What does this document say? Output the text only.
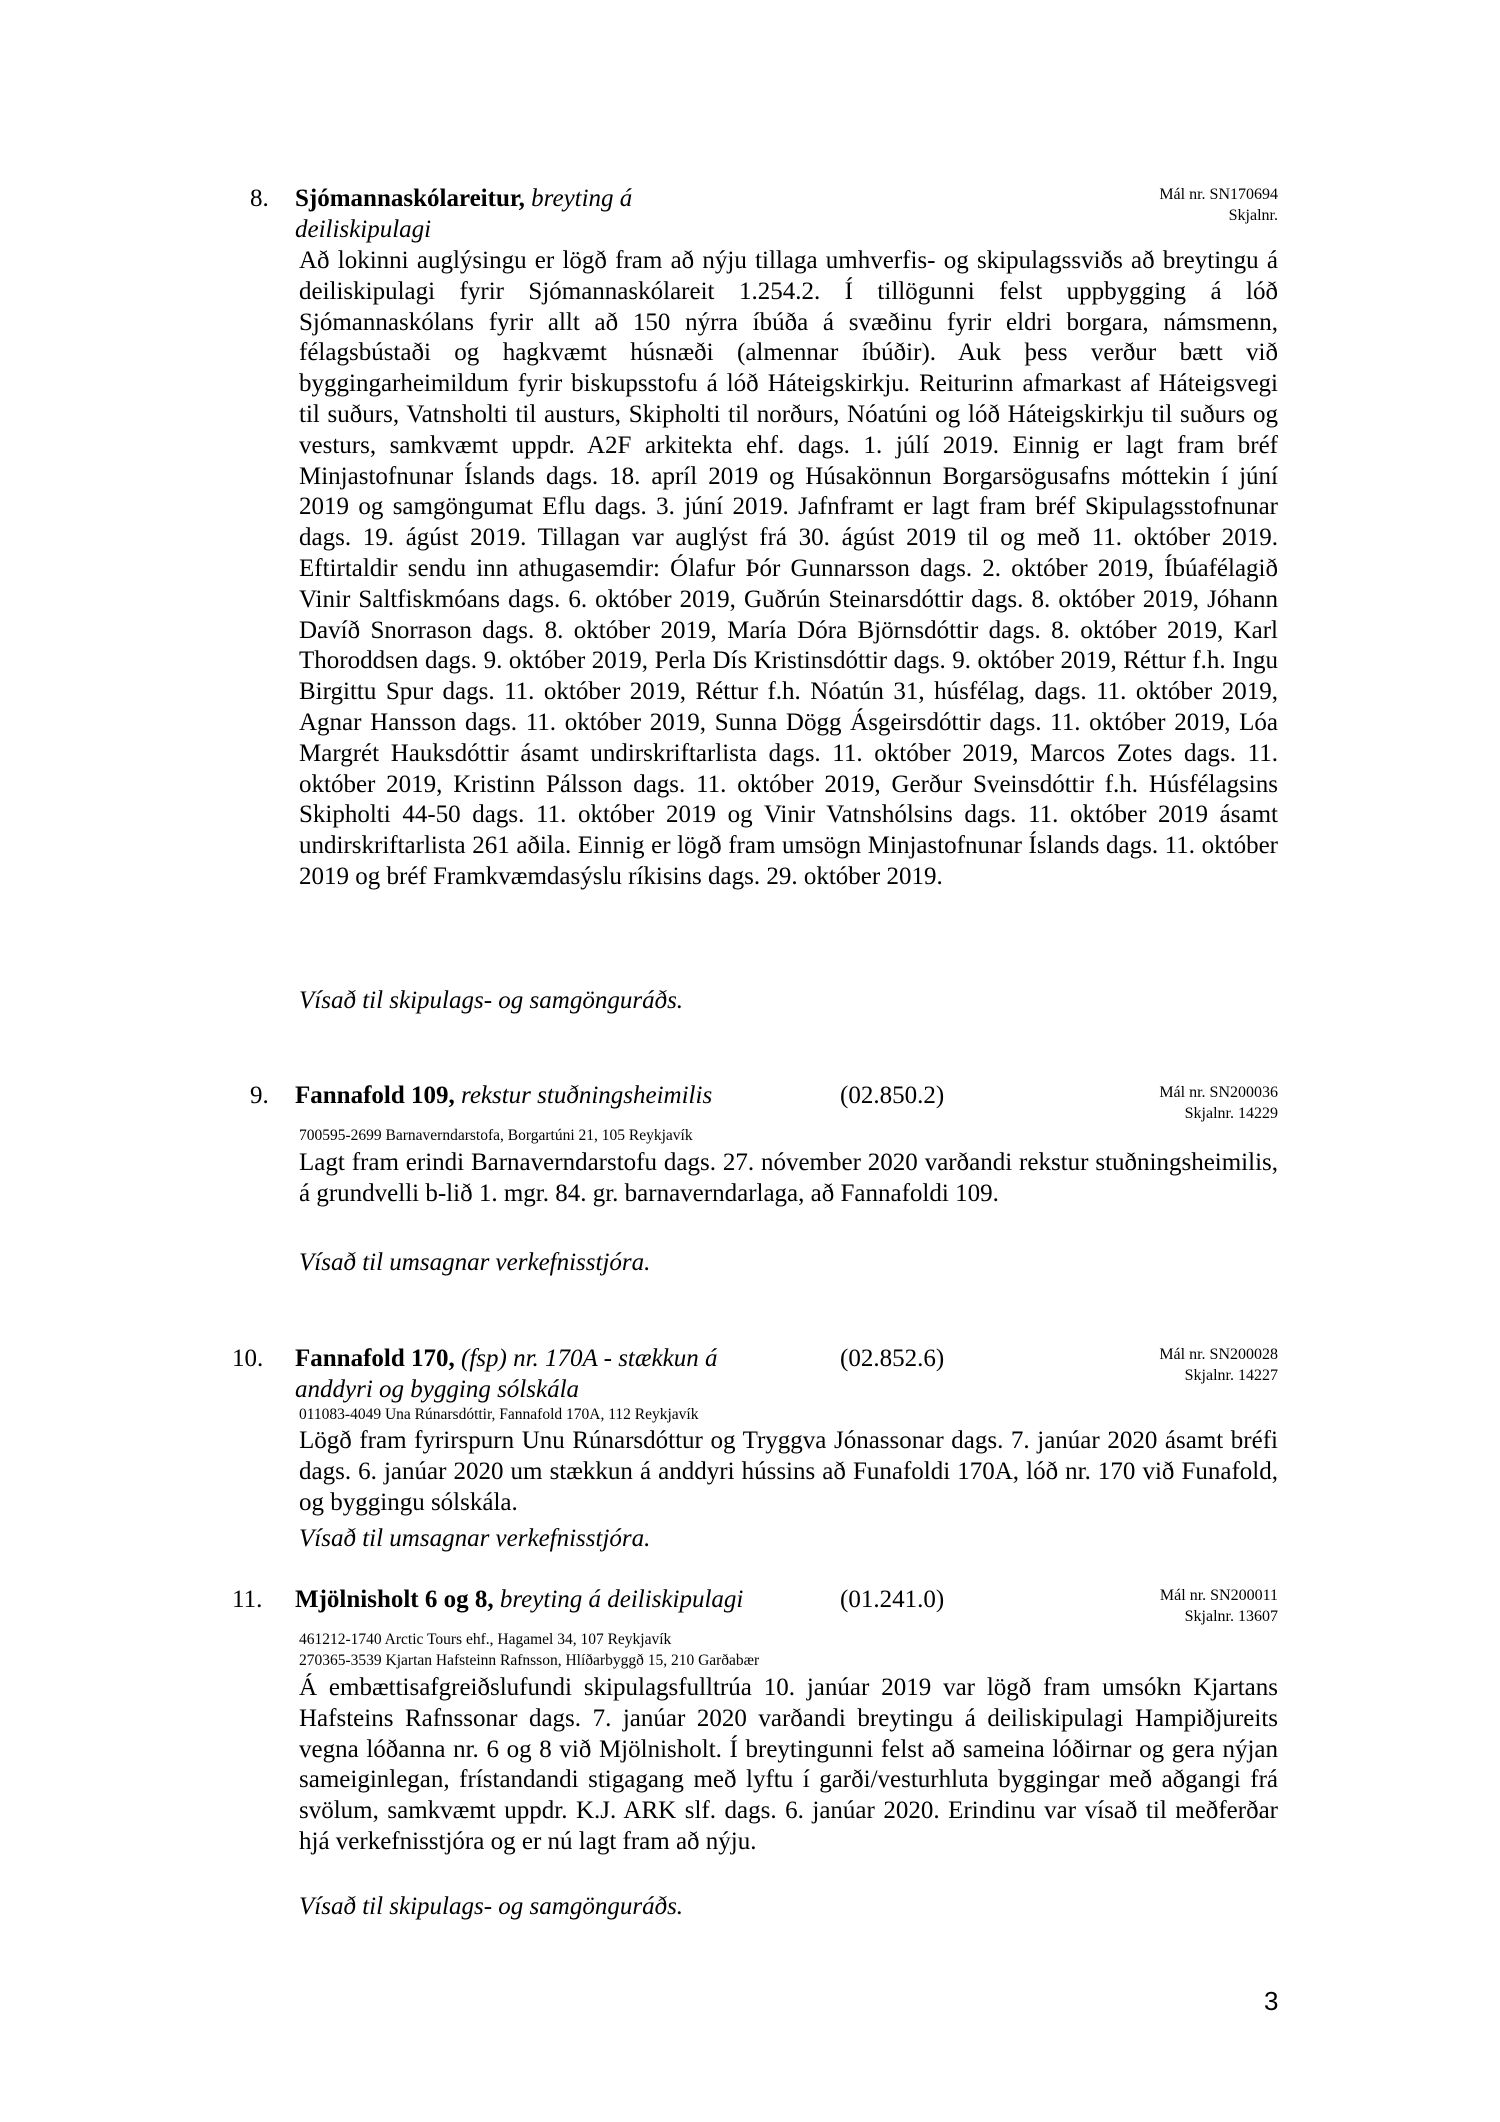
8. Sjómannaskólareitur, breyting á deiliskipulagi
Mál nr. SN170694
Skjalnr.
Að lokinni auglýsingu er lögð fram að nýju tillaga umhverfis- og skipulagssviðs að breytingu á deiliskipulagi fyrir Sjómannaskólareit 1.254.2. Í tillögunni felst uppbygging á lóð Sjómannaskólans fyrir allt að 150 nýrra íbúða á svæðinu fyrir eldri borgara, námsmenn, félagsbústaði og hagkvæmt húsnæði (almennar íbúðir). Auk þess verður bætt við byggingarheimildum fyrir biskupsstofu á lóð Háteigskirkju. Reiturinn afmarkast af Háteigsvegi til suðurs, Vatnsholti til austurs, Skipholti til norðurs, Nóatúni og lóð Háteigskirkju til suðurs og vesturs, samkvæmt uppdr. A2F arkitekta ehf. dags. 1. júlí 2019. Einnig er lagt fram bréf Minjastofnunar Íslands dags. 18. apríl 2019 og Húsakönnun Borgarsögusafns móttekin í júní 2019 og samgöngumat Eflu dags. 3. júní 2019. Jafnframt er lagt fram bréf Skipulagsstofnunar dags. 19. ágúst 2019. Tillagan var auglýst frá 30. ágúst 2019 til og með 11. október 2019. Eftirtaldir sendu inn athugasemdir: Ólafur Þór Gunnarsson dags. 2. október 2019, Íbúafélagið Vinir Saltfiskmóans dags. 6. október 2019, Guðrún Steinarsdóttir dags. 8. október 2019, Jóhann Davíð Snorrason dags. 8. október 2019, María Dóra Björnsdóttir dags. 8. október 2019, Karl Thoroddsen dags. 9. október 2019, Perla Dís Kristinsdóttir dags. 9. október 2019, Réttur f.h. Ingu Birgittu Spur dags. 11. október 2019, Réttur f.h. Nóatún 31, húsfélag, dags. 11. október 2019, Agnar Hansson dags. 11. október 2019, Sunna Dögg Ásgeirsdóttir dags. 11. október 2019, Lóa Margrét Hauksdóttir ásamt undirskriftarlista dags. 11. október 2019, Marcos Zotes dags. 11. október 2019, Kristinn Pálsson dags. 11. október 2019, Gerður Sveinsdóttir f.h. Húsfélagsins Skipholti 44-50 dags. 11. október 2019 og Vinir Vatnshólsins dags. 11. október 2019 ásamt undirskriftarlista 261 aðila. Einnig er lögð fram umsögn Minjastofnunar Íslands dags. 11. október 2019 og bréf Framkvæmdasýslu ríkisins dags. 29. október 2019.
Vísað til skipulags- og samgönguráðs.
9. Fannafold 109, rekstur stuðningsheimilis	(02.850.2)	Mál nr. SN200036
Skjalnr. 14229
700595-2699 Barnaverndarstofa, Borgartúni 21, 105 Reykjavík
Lagt fram erindi Barnaverndarstofu dags. 27. nóvember 2020 varðandi rekstur stuðningsheimilis, á grundvelli b-lið 1. mgr. 84. gr. barnaverndarlaga, að Fannafoldi 109.
Vísað til umsagnar verkefnisstjóra.
10. Fannafold 170, (fsp) nr. 170A - stækkun á anddyri og bygging sólskála
(02.852.6)	Mál nr. SN200028
Skjalnr. 14227
011083-4049 Una Rúnarsdóttir, Fannafold 170A, 112 Reykjavík
Lögð fram fyrirspurn Unu Rúnarsdóttur og Tryggva Jónassonar dags. 7. janúar 2020 ásamt bréfi dags. 6. janúar 2020 um stækkun á anddyri hússins að Funafoldi 170A, lóð nr. 170 við Funafold, og byggingu sólskála.
Vísað til umsagnar verkefnisstjóra.
11. Mjölnisholt 6 og 8, breyting á deiliskipulagi	(01.241.0)	Mál nr. SN200011
Skjalnr. 13607
461212-1740 Arctic Tours ehf., Hagamel 34, 107 Reykjavík
270365-3539 Kjartan Hafsteinn Rafnsson, Hlíðarbyggð 15, 210 Garðabær
Á embættisafgreiðslufundi skipulagsfulltrúa 10. janúar 2019 var lögð fram umsókn Kjartans Hafsteins Rafnssonar dags. 7. janúar 2020 varðandi breytingu á deiliskipulagi Hampiðjureits vegna lóðanna nr. 6 og 8 við Mjölnisholt. Í breytingunni felst að sameina lóðirnar og gera nýjan sameiginlegan, frístandandi stigagang með lyftu í garði/vesturhluta byggingar með aðgangi frá svölum, samkvæmt uppdr. K.J. ARK slf. dags. 6. janúar 2020. Erindinu var vísað til meðferðar hjá verkefnisstjóra og er nú lagt fram að nýju.
Vísað til skipulags- og samgönguráðs.
3
